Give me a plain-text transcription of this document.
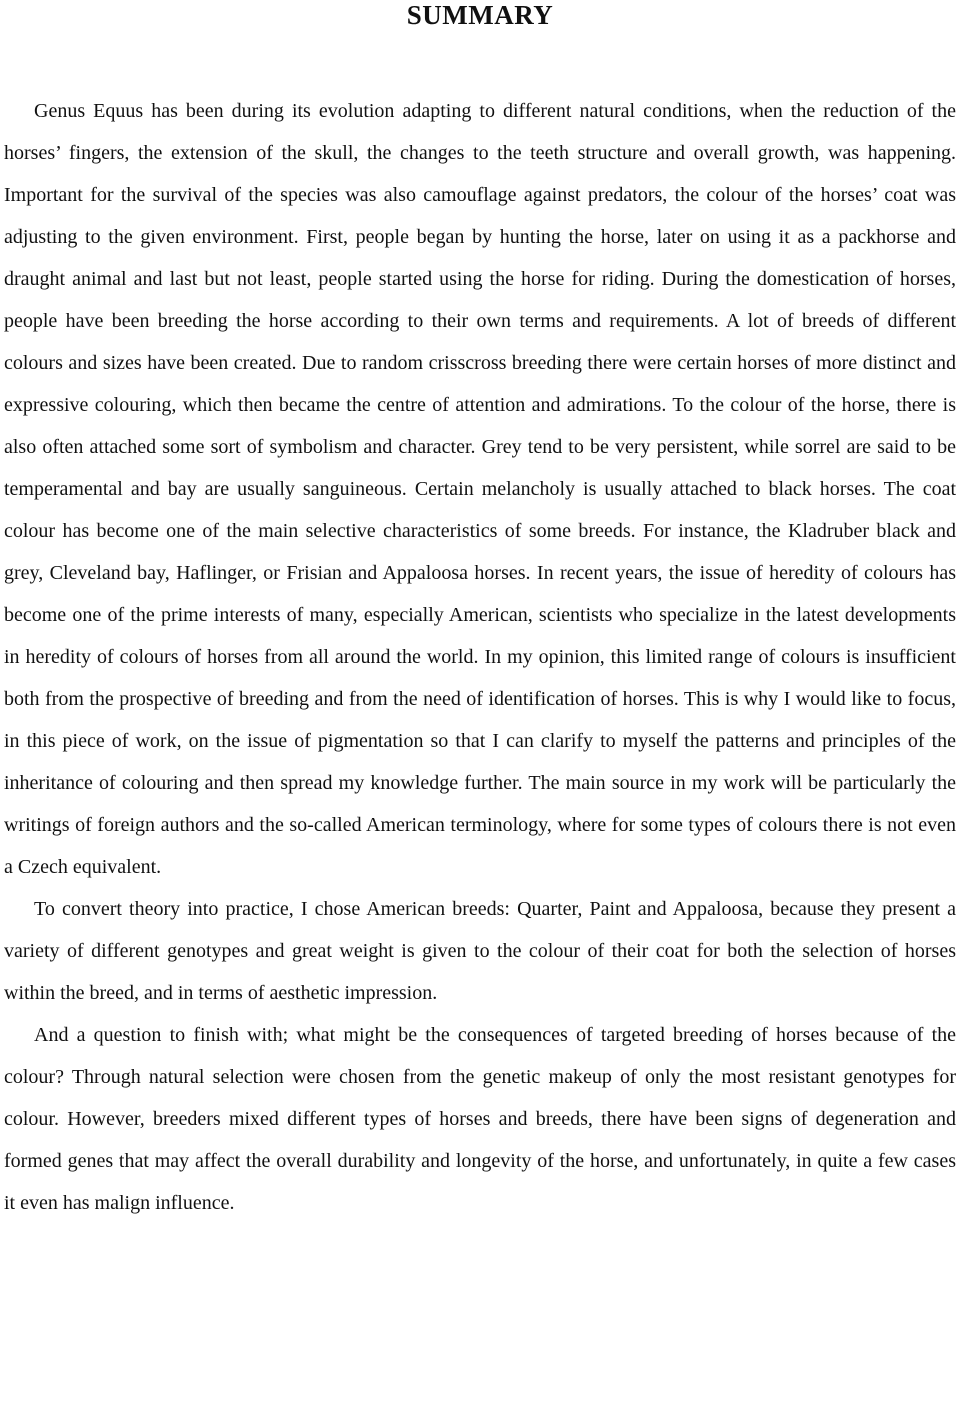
SUMMARY

Genus Equus has been during its evolution adapting to different natural conditions, when the reduction of the horses’ fingers, the extension of the skull, the changes to the teeth structure and overall growth, was happening. Important for the survival of the species was also camouflage against predators, the colour of the horses’ coat was adjusting to the given environment. First, people began by hunting the horse, later on using it as a packhorse and draught animal and last but not least, people started using the horse for riding. During the domestication of horses, people have been breeding the horse according to their own terms and requirements. A lot of breeds of different colours and sizes have been created. Due to random crisscross breeding there were certain horses of more distinct and expressive colouring, which then became the centre of attention and admirations. To the colour of the horse, there is also often attached some sort of symbolism and character. Grey tend to be very persistent, while sorrel are said to be temperamental and bay are usually sanguineous. Certain melancholy is usually attached to black horses. The coat colour has become one of the main selective characteristics of some breeds. For instance, the Kladruber black and grey, Cleveland bay, Haflinger, or Frisian and Appaloosa horses. In recent years, the issue of heredity of colours has become one of the prime interests of many, especially American, scientists who specialize in the latest developments in heredity of colours of horses from all around the world. In my opinion, this limited range of colours is insufficient both from the prospective of breeding and from the need of identification of horses. This is why I would like to focus, in this piece of work, on the issue of pigmentation so that I can clarify to myself the patterns and principles of the inheritance of colouring and then spread my knowledge further. The main source in my work will be particularly the writings of foreign authors and the so-called American terminology, where for some types of colours there is not even a Czech equivalent.

To convert theory into practice, I chose American breeds: Quarter, Paint and Appaloosa, because they present a variety of different genotypes and great weight is given to the colour of their coat for both the selection of horses within the breed, and in terms of aesthetic impression.

And a question to finish with; what might be the consequences of targeted breeding of horses because of the colour? Through natural selection were chosen from the genetic makeup of only the most resistant genotypes for colour. However, breeders mixed different types of horses and breeds, there have been signs of degeneration and formed genes that may affect the overall durability and longevity of the horse, and unfortunately, in quite a few cases it even has malign influence.
